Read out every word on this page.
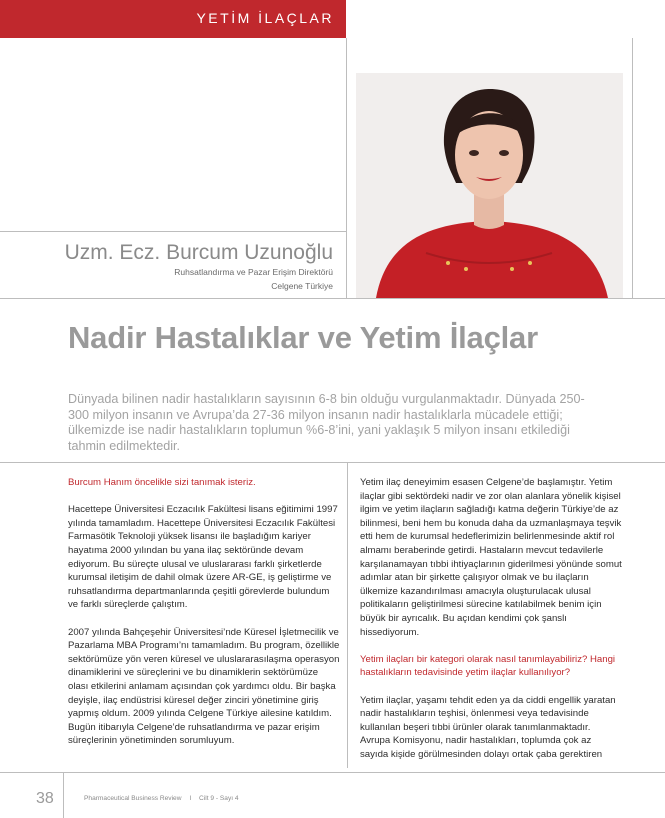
YETİM İLAÇLAR
Uzm. Ecz. Burcum Uzunoğlu
Ruhsatlandırma ve Pazar Erişim Direktörü
Celgene Türkiye
Nadir Hastalıklar ve Yetim İlaçlar

Dünyada bilinen nadir hastalıkların sayısının 6-8 bin olduğu vurgulanmaktadır. Dünyada 250-300 milyon insanın ve Avrupa’da 27-36 milyon insanın nadir hastalıklarla mücadele ettiği; ülkemizde ise nadir hastalıkların toplumun %6-8’ini, yani yaklaşık 5 milyon insanı etkilediği tahmin edilmektedir.

Burcum Hanım öncelikle sizi tanımak isteriz.

Hacettepe Üniversitesi Eczacılık Fakültesi lisans eğitimimi 1997 yılında tamamladım. Hacettepe Üniversitesi Eczacılık Fakültesi Farmasötik Teknoloji yüksek lisansı ile başladığım kariyer hayatıma 2000 yılından bu yana ilaç sektöründe devam ediyorum. Bu süreçte ulusal ve uluslararası farklı şirketlerde kurumsal iletişim de dahil olmak üzere AR-GE, iş geliştirme ve ruhsatlandırma departmanlarında çeşitli görevlerde bulundum ve farklı süreçlerde çalıştım.

2007 yılında Bahçeşehir Üniversitesi’nde Küresel İşletmecilik ve Pazarlama MBA Programı’nı tamamladım. Bu program, özellikle sektörümüze yön veren küresel ve uluslararasılaşma operasyon dinamiklerini ve süreçlerini ve bu dinamiklerin sektörümüze olası etkilerini anlamam açısından çok yardımcı oldu. Bir başka deyişle, ilaç endüstrisi küresel değer zinciri yönetimine giriş yapmış oldum. 2009 yılında Celgene Türkiye ailesine katıldım. Bugün itibarıyla Celgene’de ruhsatlandırma ve pazar erişim süreçlerinin yönetiminden sorumluyum.

Yetim ilaç deneyimim esasen Celgene’de başlamıştır. Yetim ilaçlar gibi sektördeki nadir ve zor olan alanlara yönelik kişisel ilgim ve yetim ilaçların sağladığı katma değerin Türkiye’de az bilinmesi, beni hem bu konuda daha da uzmanlaşmaya teşvik etti hem de kurumsal hedeflerimizin belirlenmesinde aktif rol almamı beraberinde getirdi. Hastaların mevcut tedavilerle karşılanamayan tıbbi ihtiyaçlarının giderilmesi yönünde somut adımlar atan bir şirkette çalışıyor olmak ve bu ilaçların ülkemize kazandırılması amacıyla oluşturulacak ulusal politikaların geliştirilmesi sürecine katılabilmek benim için büyük bir ayrıcalık. Bu açıdan kendimi çok şanslı hissediyorum.

Yetim ilaçları bir kategori olarak nasıl tanımlayabiliriz? Hangi hastalıkların tedavisinde yetim ilaçlar kullanılıyor?

Yetim ilaçlar, yaşamı tehdit eden ya da ciddi engellik yaratan nadir hastalıkların teşhisi, önlenmesi veya tedavisinde kullanılan beşeri tıbbi ürünler olarak tanımlanmaktadır. Avrupa Komisyonu, nadir hastalıkları, toplumda çok az sayıda kişide görülmesinden dolayı ortak çaba gerektiren

38	Pharmaceutical Business Review I Cilt 9 - Sayı 4
